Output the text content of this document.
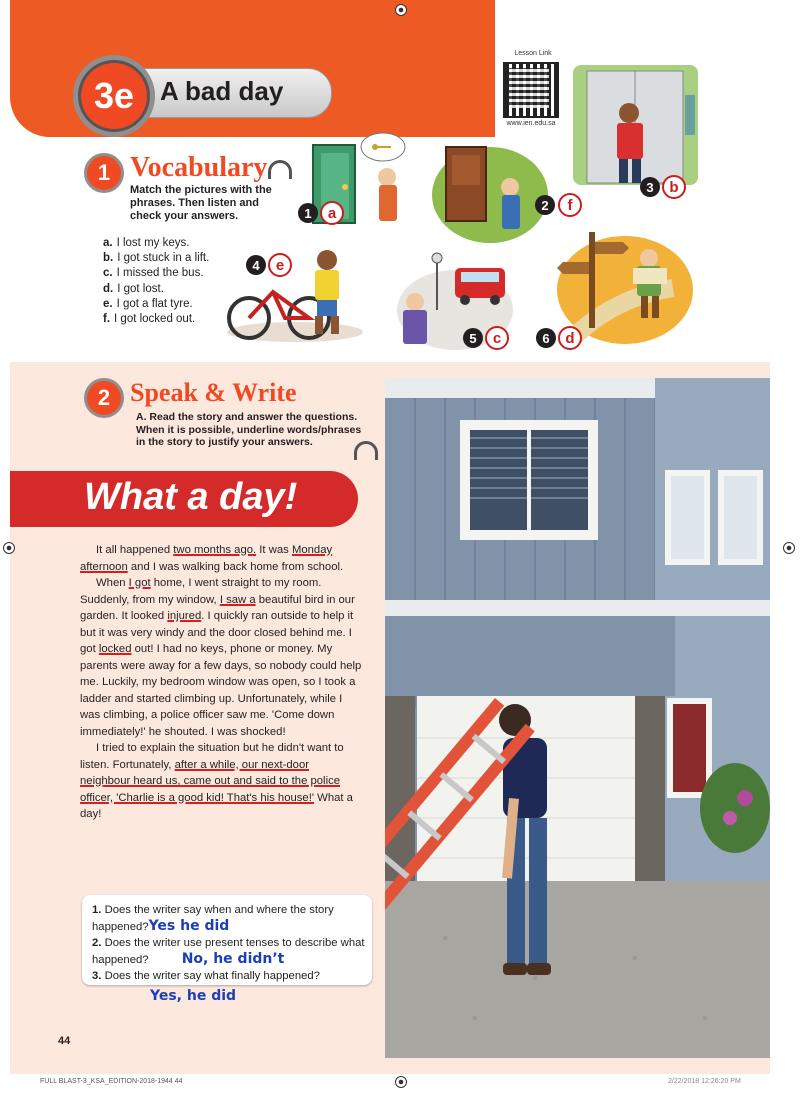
3e A bad day
Lesson Link
www.ien.edu.sa
1 Vocabulary
Match the pictures with the phrases. Then listen and check your answers.
a. I lost my keys.
b. I got stuck in a lift.
c. I missed the bus.
d. I got lost.
e. I got a flat tyre.
f. I got locked out.
1	a	2	f
3	b
4	e
5	c	6	d
2 Speak & Write
A. Read the story and answer the questions. When it is possible, underline words/phrases in the story to justify your answers.
What a day!

It all happened two months ago. It was Monday afternoon and I was walking back home from school.

When I got home, I went straight to my room. Suddenly, from my window, I saw a beautiful bird in our garden. It looked injured. I quickly ran outside to help it but it was very windy and the door closed behind me. I got locked out! I had no keys, phone or money. My parents were away for a few days, so nobody could help me. Luckily, my bedroom window was open, so I took a ladder and started climbing up. Unfortunately, while I was climbing, a police officer saw me. 'Come down immediately!' he shouted. I was shocked!

I tried to explain the situation but he didn't want to listen. Fortunately, after a while, our next-door neighbour heard us, came out and said to the police officer, 'Charlie is a good kid! That's his house!' What a day!

1. Does the writer say when and where the story happened?Yes he did
2. Does the writer use present tenses to describe what happened? No, he didn’t
3. Does the writer say what finally happened?
Yes, he did
44
FULL BLAST-3_KSA_EDITION-2018-1944 44	2/22/2018 12:26:20 PM
